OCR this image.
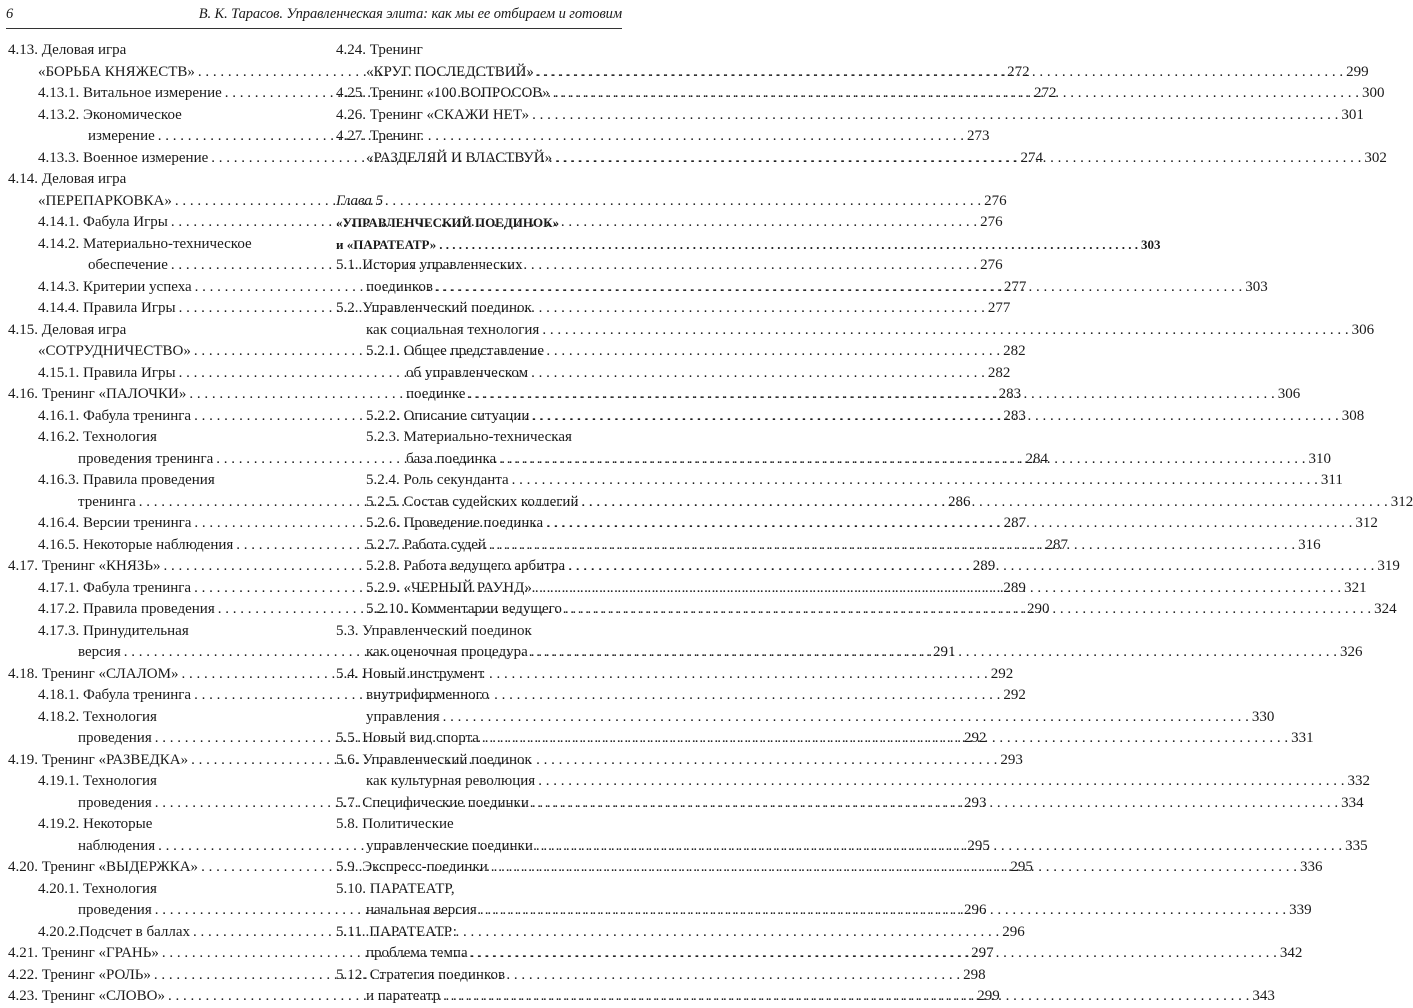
6	В. К. Тарасов. Управленческая элита: как мы ее отбираем и готовим
4.13. Деловая игра
«БОРЬБА КНЯЖЕСТВ» . . .	272
4.13.1. Витальное измерение . . .	272
4.13.2. Экономическое
измерение . . .	273
4.13.3. Военное измерение . . .	274
4.14. Деловая игра
«ПЕРЕПАРКОВКА» . . .	276
4.14.1. Фабула Игры . . .	276
4.14.2. Материально-техническое
обеспечение . . .	276
4.14.3. Критерии успеха . . .	277
4.14.4. Правила Игры . . .	277
4.15. Деловая игра
«СОТРУДНИЧЕСТВО» . . .	282
4.15.1. Правила Игры . . .	282
4.16. Тренинг «ПАЛОЧКИ» . . .	283
4.16.1. Фабула тренинга . . .	283
4.16.2. Технология
проведения тренинга . . .	284
4.16.3. Правила проведения
тренинга . . .	286
4.16.4. Версии тренинга . . .	287
4.16.5. Некоторые наблюдения . . .	287
4.17. Тренинг «КНЯЗЬ» . . .	289
4.17.1. Фабула тренинга . . .	289
4.17.2. Правила проведения . . .	290
4.17.3. Принудительная
версия . . .	291
4.18. Тренинг «СЛАЛОМ» . . .	292
4.18.1. Фабула тренинга . . .	292
4.18.2. Технология
проведения . . .	292
4.19. Тренинг «РАЗВЕДКА» . . .	293
4.19.1. Технология
проведения . . .	293
4.19.2. Некоторые
наблюдения . . .	295
4.20. Тренинг «ВЫДЕРЖКА» . . .	295
4.20.1. Технология
проведения . . .	296
4.20.2.Подсчет в баллах . . .	296
4.21. Тренинг «ГРАНЬ» . . .	297
4.22. Тренинг «РОЛЬ» . . .	298
4.23. Тренинг «СЛОВО» . . .	299
4.24. Тренинг
«КРУГ ПОСЛЕДСТВИЙ» . . .	299
4.25. Тренинг «100 ВОПРОСОВ» . . .	300
4.26. Тренинг «СКАЖИ НЕТ» . . .	301
4.27. Тренинг
«РАЗДЕЛЯЙ И ВЛАСТВУЙ» . . .	302
Глава 5
«УПРАВЛЕНЧЕСКИЙ ПОЕДИНОК»
и «ПАРАТЕАТР» . . .	303
5.1. История управленческих
поединков . . .	303
5.2. Управленческий поединок
как социальная технология . . .	306
5.2.1. Общее представление
об управленческом
поединке . . .	306
5.2.2. Описание ситуации . . .	308
5.2.3. Материально-техническая
база поединка . . .	310
5.2.4. Роль секунданта . . .	311
5.2.5. Состав судейских коллегий . . .	312
5.2.6. Проведение поединка . . .	312
5.2.7. Работа судей . . .	316
5.2.8. Работа ведущего арбитра . . .	319
5.2.9. «ЧЕРНЫЙ РАУНД» . . .	321
5.2.10. Комментарии ведущего . . .	324
5.3. Управленческий поединок
как оценочная процедура . . .	326
5.4. Новый инструмент
внутрифирменного
управления . . .	330
5.5. Новый вид спорта . . .	331
5.6. Управленческий поединок
как культурная революция . . .	332
5.7. Специфические поединки . . .	334
5.8. Политические
управленческие поединки . . .	335
5.9. Экспресс-поединки . . .	336
5.10. ПАРАТЕАТР,
начальная версия . . .	339
5.11. ПАРАТЕАТР:
проблема темпа . . .	342
5.12. Стратегия поединков
и паратеатр . . .	343
